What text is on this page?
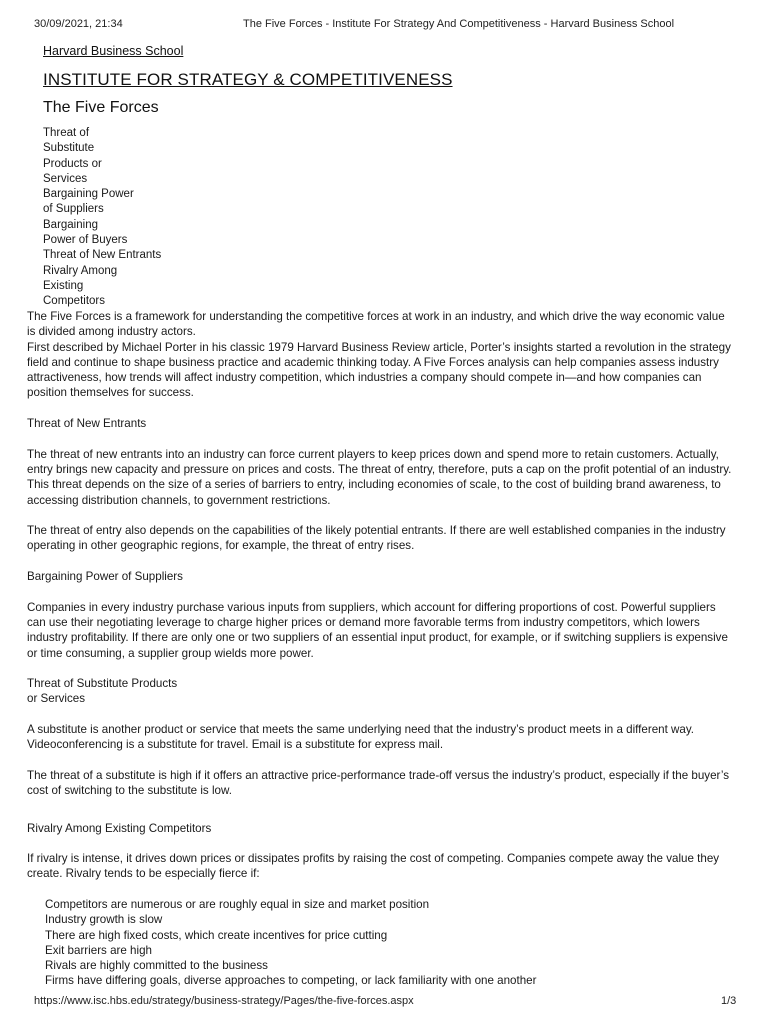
30/09/2021, 21:34	The Five Forces - Institute For Strategy And Competitiveness - Harvard Business School
Harvard Business School
INSTITUTE FOR STRATEGY & COMPETITIVENESS
The Five Forces
Threat of
Substitute
Products or
Services
Bargaining Power
of Suppliers
Bargaining
Power of Buyers
Threat of New Entrants
Rivalry Among
Existing
Competitors

The Five Forces is a framework for understanding the competitive forces at work in an industry, and which drive the way economic value

is divided among industry actors.

First described by Michael Porter in his classic 1979 Harvard Business Review article, Porter’s insights started a revolution in the strategy

field and continue to shape business practice and academic thinking today. A Five Forces analysis can help companies assess industry

attractiveness, how trends will affect industry competition, which industries a company should compete in—and how companies can

position themselves for success.

Threat of New Entrants

The threat of new entrants into an industry can force current players to keep prices down and spend more to retain customers. Actually,

entry brings new capacity and pressure on prices and costs. The threat of entry, therefore, puts a cap on the profit potential of an industry.

This threat depends on the size of a series of barriers to entry, including economies of scale, to the cost of building brand awareness, to

accessing distribution channels, to government restrictions.

The threat of entry also depends on the capabilities of the likely potential entrants. If there are well established companies in the industry

operating in other geographic regions, for example, the threat of entry rises.

Bargaining Power of Suppliers

Companies in every industry purchase various inputs from suppliers, which account for differing proportions of cost. Powerful suppliers

can use their negotiating leverage to charge higher prices or demand more favorable terms from industry competitors, which lowers

industry profitability. If there are only one or two suppliers of an essential input product, for example, or if switching suppliers is expensive

or time consuming, a supplier group wields more power.

Threat of Substitute Products

or Services

A substitute is another product or service that meets the same underlying need that the industry’s product meets in a different way.

Videoconferencing is a substitute for travel. Email is a substitute for express mail.

The threat of a substitute is high if it offers an attractive price-performance trade-off versus the industry’s product, especially if the buyer’s

cost of switching to the substitute is low.

Rivalry Among Existing Competitors

If rivalry is intense, it drives down prices or dissipates profits by raising the cost of competing. Companies compete away the value they

create. Rivalry tends to be especially fierce if:

Competitors are numerous or are roughly equal in size and market position
Industry growth is slow
There are high fixed costs, which create incentives for price cutting
Exit barriers are high
Rivals are highly committed to the business
Firms have differing goals, diverse approaches to competing, or lack familiarity with one another
https://www.isc.hbs.edu/strategy/business-strategy/Pages/the-five-forces.aspx	1/3
